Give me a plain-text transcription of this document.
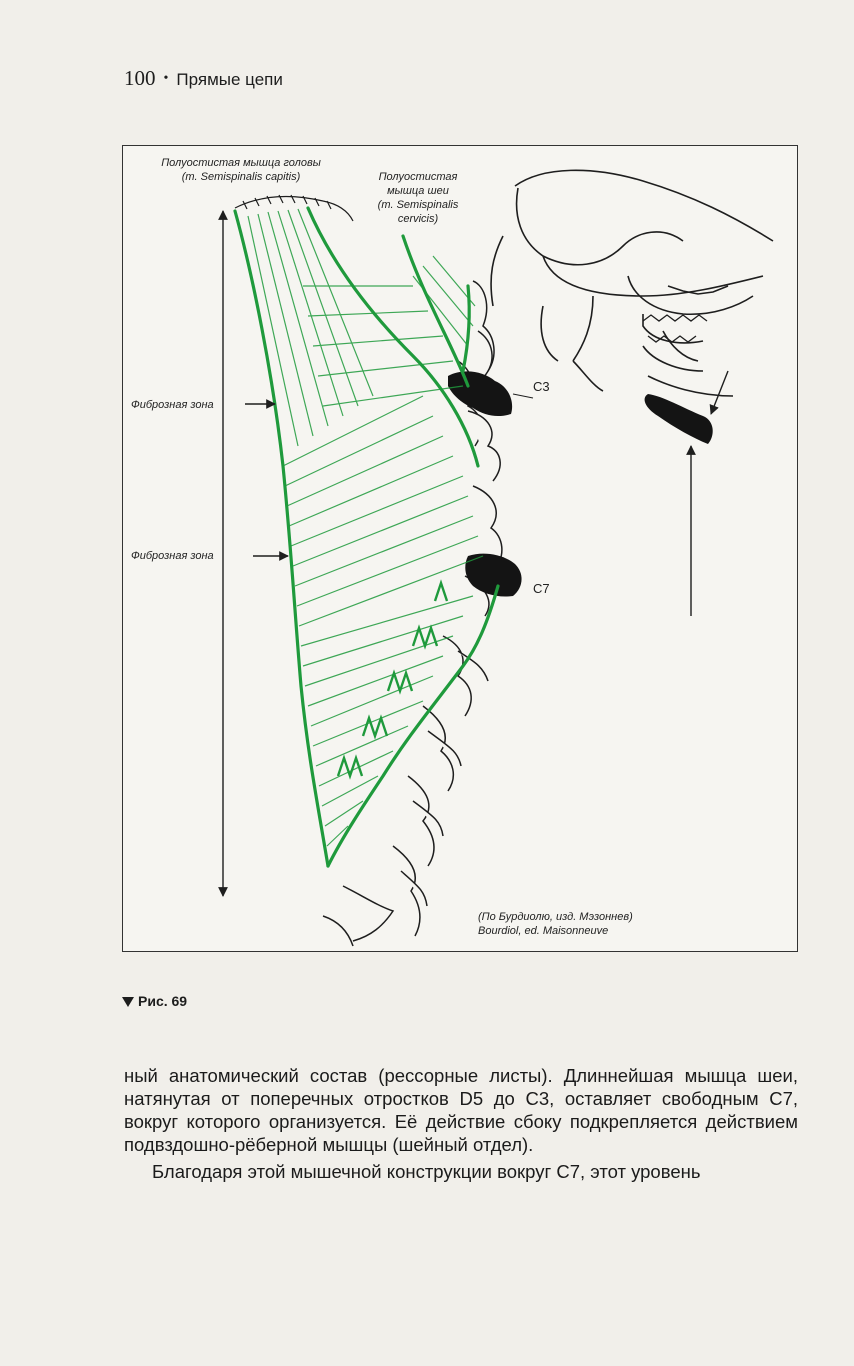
100 • Прямые цепи
Полуостистая мышца головы
(m. Semispinalis capitis)	Полуостистая
мышца шеи
(m. Semispinalis
cervicis)
Фиброзная зона
Фиброзная зона
C3
C7
(По Бурдиолю, изд. Мэзоннев)
Bourdiol, ed. Maisonneuve
Рис. 69

ный анатомический состав (рессорные листы). Длиннейшая мышца шеи, натянутая от поперечных отростков D5 до C3, оставляет свободным C7, вокруг которого организуется. Её действие сбоку подкрепляется действием подвздошно-рёберной мышцы (шейный отдел).

Благодаря этой мышечной конструкции вокруг C7, этот уровень
